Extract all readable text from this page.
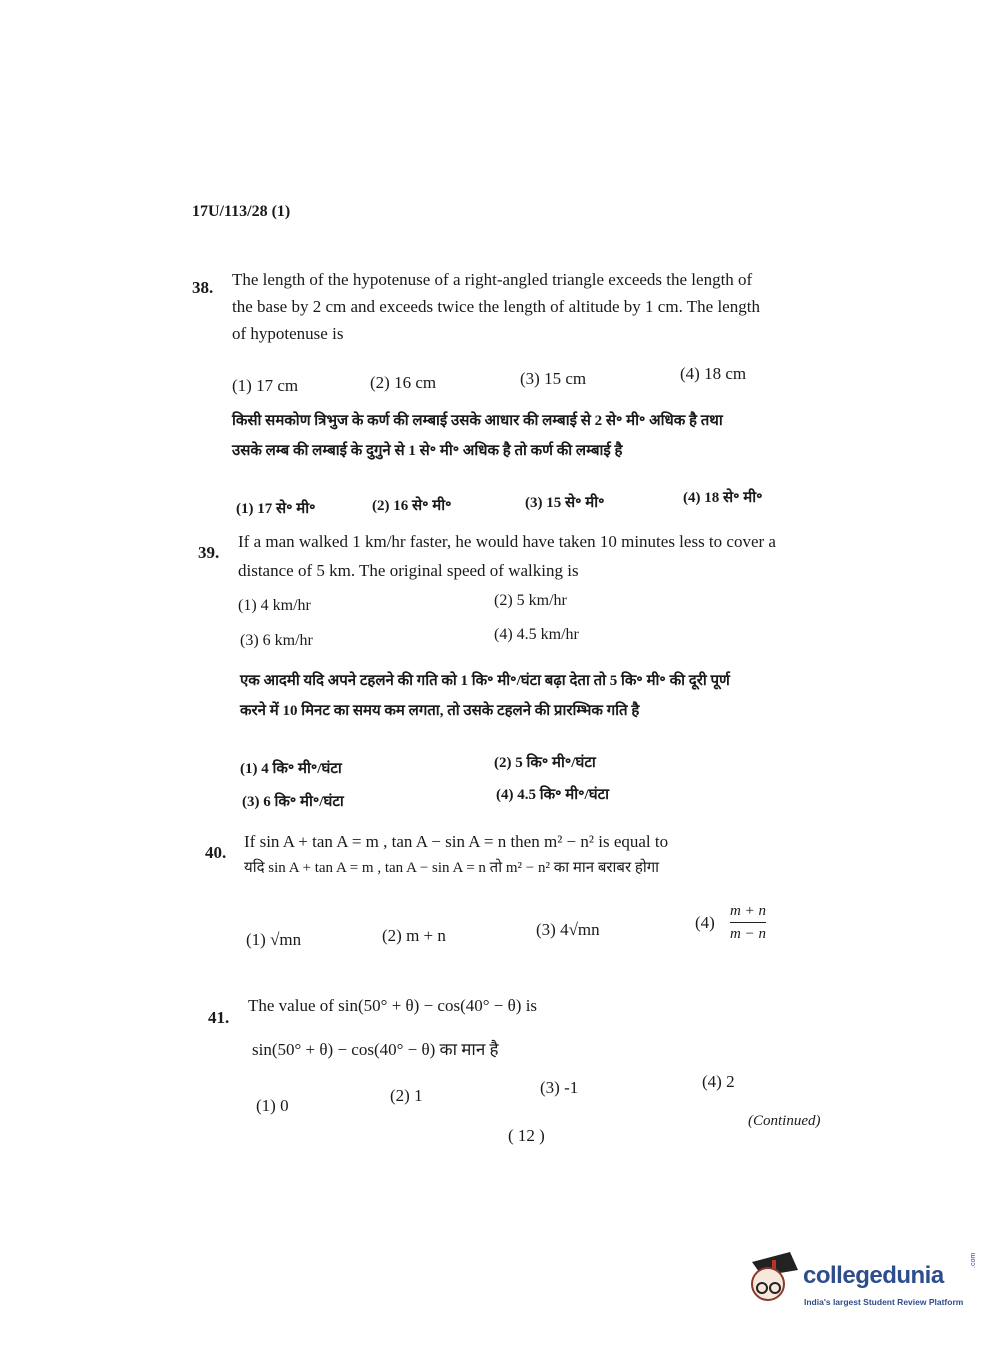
17U/113/28 (1)
38. The length of the hypotenuse of a right-angled triangle exceeds the length of
the base by 2 cm and exceeds twice the length of altitude by 1 cm. The length
of hypotenuse is
(1) 17 cm	(2) 16 cm	(3) 15 cm	(4) 18 cm
किसी समकोण त्रिभुज के कर्ण की लम्बाई उसके आधार की लम्बाई से 2 से॰ मी॰ अधिक है तथा
उसके लम्ब की लम्बाई के दुगुने से 1 से॰ मी॰ अधिक है तो कर्ण की लम्बाई है
(1) 17 से॰ मी॰	(2) 16 से॰ मी॰	(3) 15 से॰ मी॰	(4) 18 से॰ मी॰
39.
If a man walked 1 km/hr faster, he would have taken 10 minutes less to cover a
distance of 5 km. The original speed of walking is
(1) 4 km/hr	(2) 5 km/hr
(3) 6 km/hr	(4) 4.5 km/hr
एक आदमी यदि अपने टहलने की गति को 1 कि॰ मी॰/घंटा बढ़ा देता तो 5 कि॰ मी॰ की दूरी पूर्ण
करने में 10 मिनट का समय कम लगता, तो उसके टहलने की प्रारम्भिक गति है
(1) 4 कि॰ मी॰/घंटा	(2) 5 कि॰ मी॰/घंटा
(3) 6 कि॰ मी॰/घंटा	(4) 4.5 कि॰ मी॰/घंटा
40.
If sin A + tan A = m , tan A − sin A = n then m² − n² is equal to
यदि sin A + tan A = m , tan A − sin A = n तो m² − n² का मान बराबर होगा
(1) √mn	(2) m + n	(3) 4√mn	$(4) \frac{m + n}{m - n}$
41.
The value of sin(50° + θ) − cos(40° − θ) is
sin(50° + θ) − cos(40° − θ) का मान है
(1) 0
(2) 1	(3) -1	(4) 2
( 12 )
(Continued)
collegedunia
.com
India's largest Student Review Platform
